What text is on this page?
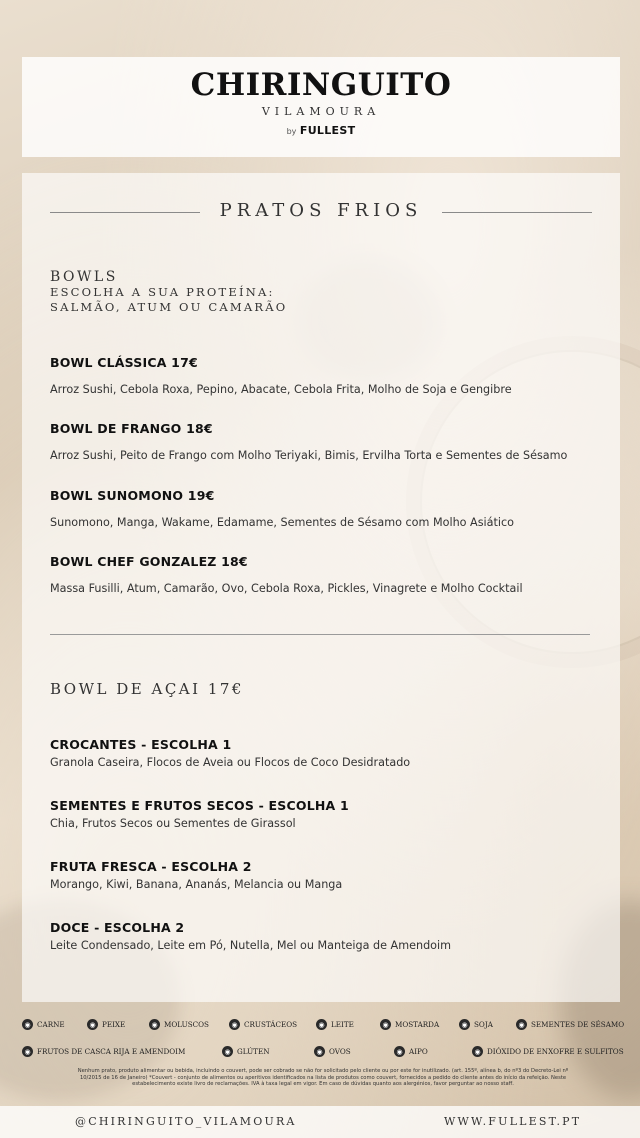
CHIRINGUITO
VILAMOURA
by FULLEST
PRATOS FRIOS
BOWLS
ESCOLHA A SUA PROTEÍNA:
SALMÃO, ATUM OU CAMARÃO
BOWL CLÁSSICA 17€
Arroz Sushi, Cebola Roxa, Pepino, Abacate, Cebola Frita, Molho de Soja e Gengibre
BOWL DE FRANGO 18€
Arroz Sushi, Peito de Frango com Molho Teriyaki, Bimis, Ervilha Torta e Sementes de Sésamo
BOWL SUNOMONO 19€
Sunomono, Manga, Wakame, Edamame, Sementes de Sésamo com Molho Asiático
BOWL CHEF GONZALEZ 18€
Massa Fusilli, Atum, Camarão, Ovo, Cebola Roxa, Pickles, Vinagrete e Molho Cocktail
BOWL DE AÇAI 17€
CROCANTES - ESCOLHA 1
Granola Caseira, Flocos de Aveia ou Flocos de Coco Desidratado
SEMENTES E FRUTOS SECOS - ESCOLHA 1
Chia, Frutos Secos ou Sementes de Girassol
FRUTA FRESCA - ESCOLHA 2
Morango, Kiwi, Banana, Ananás, Melancia ou Manga
DOCE - ESCOLHA 2
Leite Condensado, Leite em Pó, Nutella, Mel ou Manteiga de Amendoim
◉ CARNE	◉ PEIXE	◉ MOLUSCOS	◉ CRUSTÁCEOS	◉ LEITE	◉ MOSTARDA	◉ SOJA	◉ SEMENTES DE SÉSAMO
◉ FRUTOS DE CASCA RIJA E AMENDOIM	◉ GLÚTEN	◉ OVOS	◉ AIPO	◉ DIÓXIDO DE ENXOFRE E SULFITOS
Nenhum prato, produto alimentar ou bebida, incluindo o couvert, pode ser cobrado se não for solicitado pelo cliente ou por este for inutilizado. (art. 155º, alínea b, do nº3 do Decreto-Lei nº
10/2015 de 16 de Janeiro) *Couvert - conjunto de alimentos ou aperitivos identificados na lista de produtos como couvert, fornecidos a pedido do cliente antes do início da refeição. Neste
estabelecimento existe livro de reclamações. IVA à taxa legal em vigor. Em caso de dúvidas quanto aos alergénios, favor perguntar ao nosso staff.
@CHIRINGUITO_VILAMOURA	WWW.FULLEST.PT
